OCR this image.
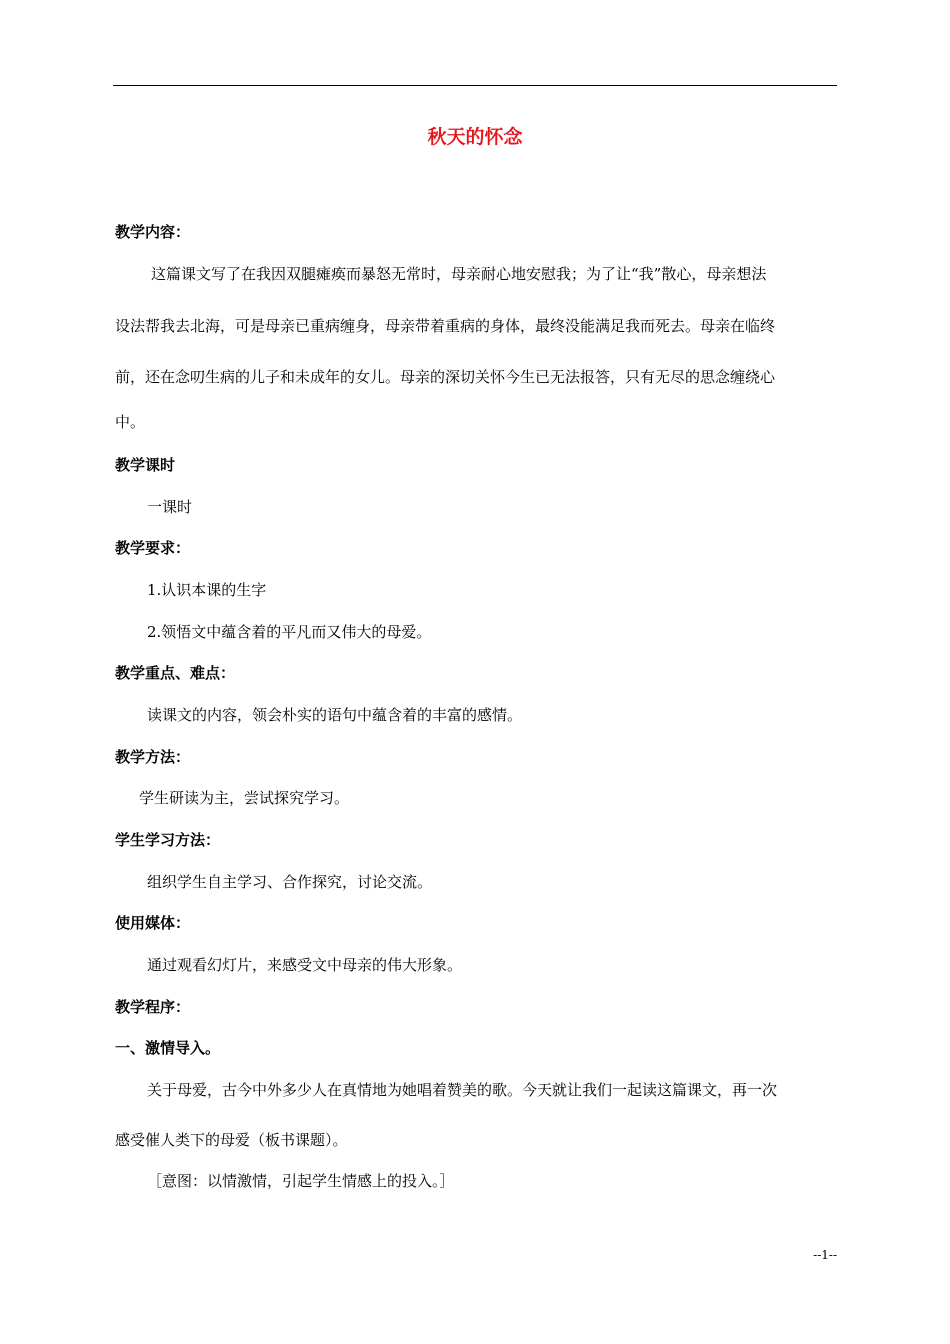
秋天的怀念
教学内容：
这篇课文写了在我因双腿瘫痪而暴怒无常时，母亲耐心地安慰我；为了让“我”散心，母亲想法
设法帮我去北海，可是母亲已重病缠身，母亲带着重病的身体，最终没能满足我而死去。母亲在临终
前，还在念叨生病的儿子和未成年的女儿。母亲的深切关怀今生已无法报答，只有无尽的思念缠绕心
中。
教学课时
一课时
教学要求：
1.认识本课的生字
2.领悟文中蕴含着的平凡而又伟大的母爱。
教学重点、难点：
读课文的内容，领会朴实的语句中蕴含着的丰富的感情。
教学方法：
学生研读为主，尝试探究学习。
学生学习方法：
组织学生自主学习、合作探究，讨论交流。
使用媒体：
通过观看幻灯片，来感受文中母亲的伟大形象。
教学程序：
一、激情导入。
关于母爱，古今中外多少人在真情地为她唱着赞美的歌。今天就让我们一起读这篇课文，再一次
感受催人类下的母爱（板书课题）。
［意图：以情激情，引起学生情感上的投入。］
--1--
